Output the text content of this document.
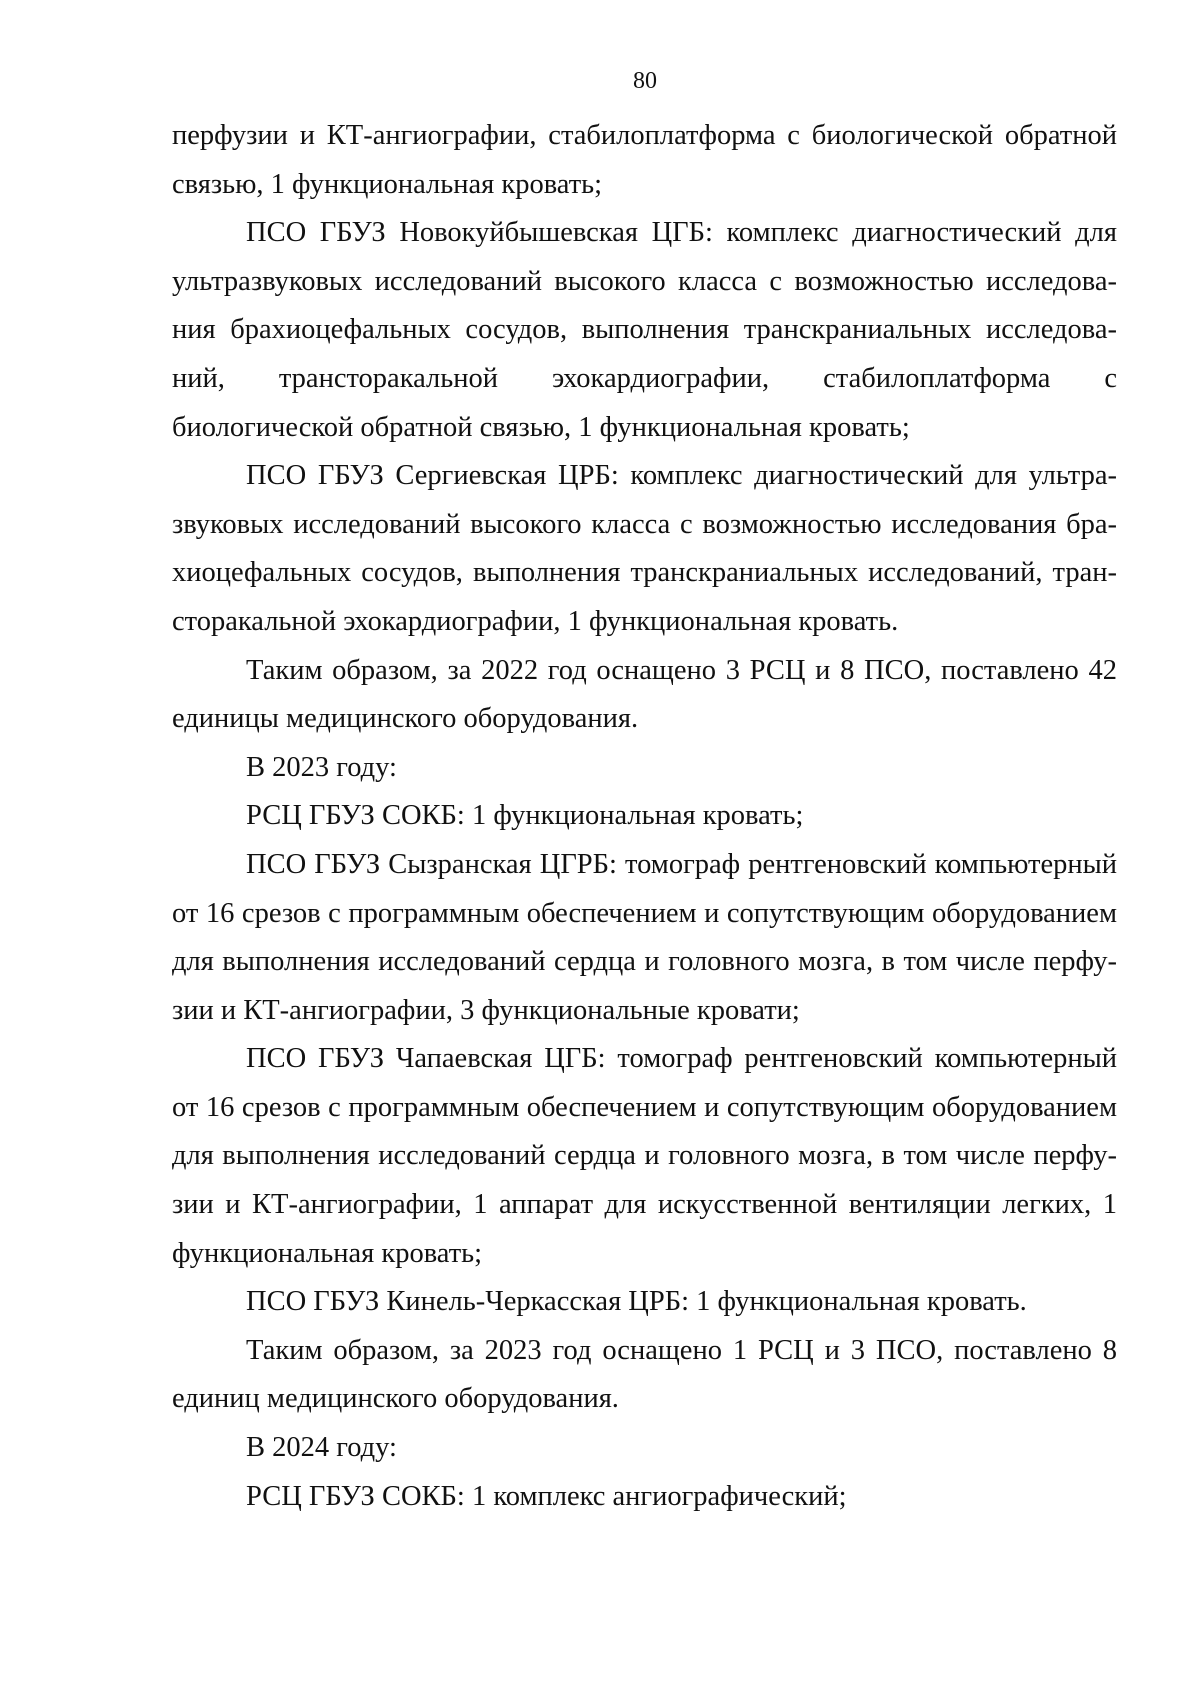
80

перфузии и КТ-ангиографии, стабилоплатформа с биологической обратной связью, 1 функциональная кровать;

ПСО ГБУЗ Новокуйбышевская ЦГБ: комплекс диагностический для ультразвуковых исследований высокого класса с возможностью исследования брахиоцефальных сосудов, выполнения транскраниальных исследований, трансторакальной эхокардиографии, стабилоплатформа с биологической обратной связью, 1 функциональная кровать;

ПСО ГБУЗ Сергиевская ЦРБ: комплекс диагностический для ультразвуковых исследований высокого класса с возможностью исследования брахиоцефальных сосудов, выполнения транскраниальных исследований, трансторакальной эхокардиографии, 1 функциональная кровать.

Таким образом, за 2022 год оснащено 3 РСЦ и 8 ПСО, поставлено 42 единицы медицинского оборудования.

В 2023 году:

РСЦ ГБУЗ СОКБ: 1 функциональная кровать;

ПСО ГБУЗ Сызранская ЦГРБ: томограф рентгеновский компьютерный от 16 срезов с программным обеспечением и сопутствующим оборудованием для выполнения исследований сердца и головного мозга, в том числе перфузии и КТ-ангиографии, 3 функциональные кровати;

ПСО ГБУЗ Чапаевская ЦГБ: томограф рентгеновский компьютерный от 16 срезов с программным обеспечением и сопутствующим оборудованием для выполнения исследований сердца и головного мозга, в том числе перфузии и КТ-ангиографии, 1 аппарат для искусственной вентиляции легких, 1 функциональная кровать;

ПСО ГБУЗ Кинель-Черкасская ЦРБ: 1 функциональная кровать.

Таким образом, за 2023 год оснащено 1 РСЦ и 3 ПСО, поставлено 8 единиц медицинского оборудования.

В 2024 году:

РСЦ ГБУЗ СОКБ: 1 комплекс ангиографический;
